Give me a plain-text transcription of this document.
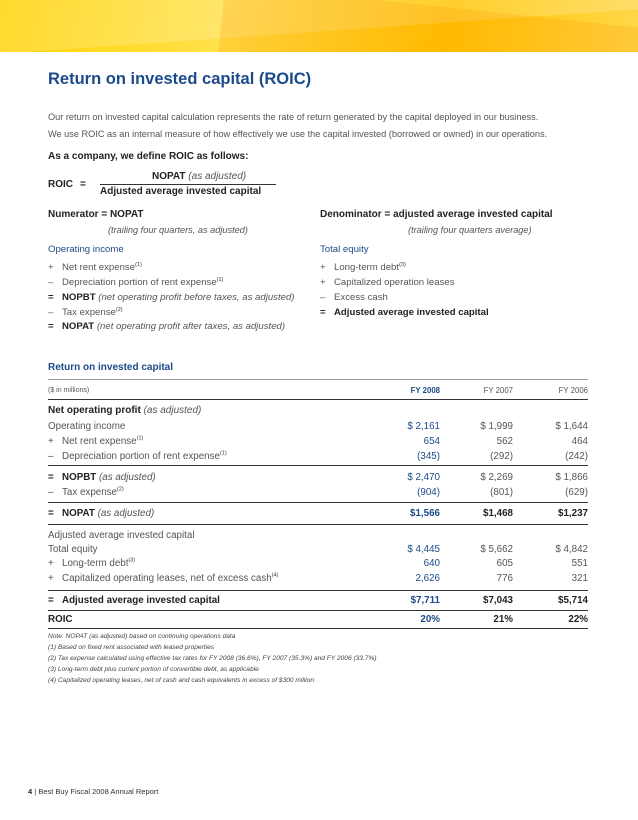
Return on invested capital (ROIC)
Our return on invested capital calculation represents the rate of return generated by the capital deployed in our business.
We use ROIC as an internal measure of how effectively we use the capital invested (borrowed or owned) in our operations.
As a company, we define ROIC as follows:
ROIC =
NOPAT (as adjusted)
Adjusted average invested capital
Numerator = NOPAT
(trailing four quarters, as adjusted)
Operating income
+ Net rent expense$^{(1)}$
– Depreciation portion of rent expense$^{(1)}$
= NOPBT (net operating profit before taxes, as adjusted)
– Tax expense$^{(2)}$
= NOPAT (net operating profit after taxes, as adjusted)
Denominator = adjusted average invested capital
(trailing four quarters average)
Total equity
+ Long-term debt$^{(3)}$
+ Capitalized operation leases
– Excess cash
= Adjusted average invested capital
Return on invested capital
($ in millions)	FY 2008	FY 2007	FY 2006
Net operating profit (as adjusted)
Operating income	$ 2,161	$ 1,999	$ 1,644
+ Net rent expense$^{(1)}$	654	562	464
– Depreciation portion of rent expense$^{(1)}$	(345)	(292)	(242)
= NOPBT (as adjusted)	$ 2,470	$ 2,269	$ 1,866
– Tax expense$^{(2)}$	(904)	(801)	(629)
= NOPAT (as adjusted)	$1,566	$1,468	$1,237
Adjusted average invested capital
Total equity	$ 4,445	$ 5,662	$ 4,842
+ Long-term debt$^{(3)}$	640	605	551
+ Capitalized operating leases, net of excess cash$^{(4)}$	2,626	776	321
= Adjusted average invested capital	$7,711	$7,043	$5,714
ROIC	20%	21%	22%
Note: NOPAT (as adjusted) based on continuing operations data
(1) Based on fixed rent associated with leased properties
(2) Tax expense calculated using effective tax rates for FY 2008 (36.6%), FY 2007 (35.3%) and FY 2006 (33.7%)
(3) Long-term debt plus current portion of convertible debt, as applicable
(4) Capitalized operating leases, net of cash and cash equivalents in excess of $300 million
4 | Best Buy Fiscal 2008 Annual Report
